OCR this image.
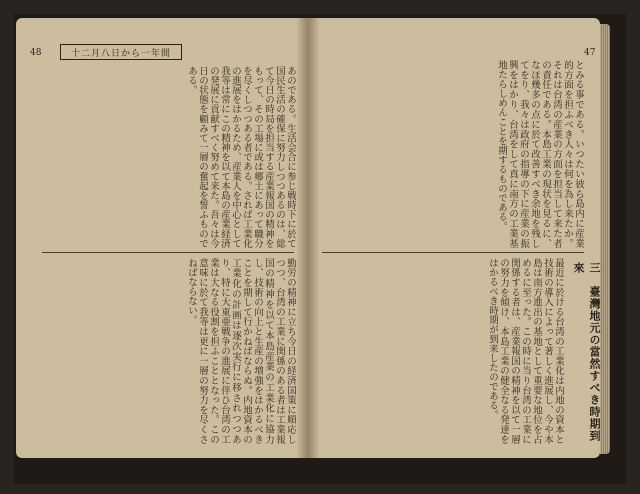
48	47
十二月八日から一年間

あのである。生活会合に参じ戦時下に於て国民生活の確保に努力しつつあるのは、総て今日の時局を担当する産業報国の精神をもって、その工場に或は郷土にあって職分を尽くしつつある者である。されば工業化の進展をはかるため、産業人を中心として我等は常にこの精神を以て本島の産業経済の発展に貢献すべく努めて来た。吾々は今日の状態を顧みて一層の奮起を誓ふものである。

勤労の精神に立ち今日の経済国策に順応しつつ、台湾の工業に関係のある者は工業報国の精神を以て本島産業の工業化に協力し、技術の向上と生産の増強をはかるべきことを期して行かねばならぬ。内地資本の工業化の計画は逐次実行に移されつつあり、特に大東亜戦争の進展に伴ひ台湾の工業は大なる役割を担ふこととなった。この意味に於て我等は更に一層の努力を尽くさねばならない。

とみる事である。いつたい彼ら島内に産業的方面を担ふべき人々は何を為し来たか。それは台湾の産業の方面を担当して来た者の責任である。本島工業の現状を見るに、なほ幾多の点に於て改善すべき余地を残してをり、我々は政府の指導の下に産業の振興をはかり、台湾をして真に南方の工業基地たらしめんことを期するものである。

三　臺灣地元の當然すべき時期到來

最近に於ける台湾の工業化は内地の資本と技術の導入によって著しく進展し、今や本島は南方進出の基地として重要な地位を占めるに至った。この時に当り台湾の工業に関係する者は、産業報国の精神を以て一層の努力を傾け、本島工業の健全なる発達をはかるべき時期が到来したのである。
